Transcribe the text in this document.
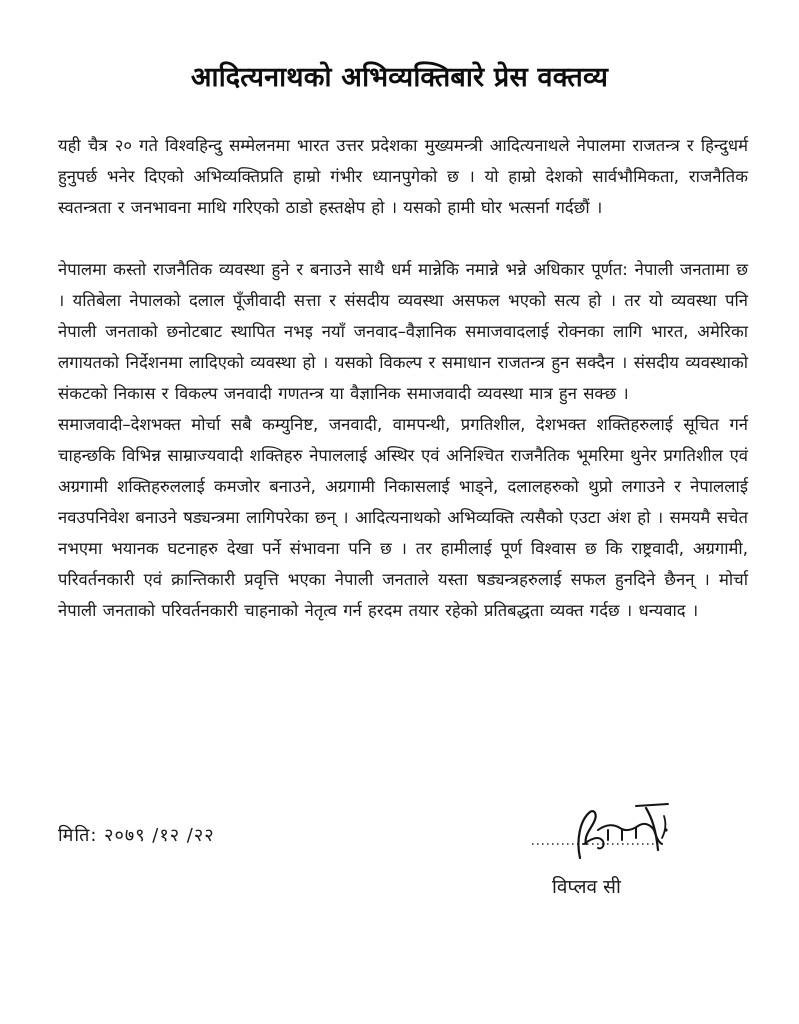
आदित्यनाथको अभिव्यक्तिबारे प्रेस वक्तव्य

यही चैत्र २० गते विश्वहिन्दु सम्मेलनमा भारत उत्तर प्रदेशका मुख्यमन्त्री आदित्यनाथले नेपालमा राजतन्त्र र हिन्दुधर्म हुनुपर्छ भनेर दिएको अभिव्यक्तिप्रति हाम्रो गंभीर ध्यानपुगेको छ । यो हाम्रो देशको सार्वभौमिकता, राजनैतिक स्वतन्त्रता र जनभावना माथि गरिएको ठाडो हस्तक्षेप हो । यसको हामी घोर भत्सर्ना गर्दछौं ।

नेपालमा कस्तो राजनैतिक व्यवस्था हुने र बनाउने साथै धर्म मान्नेकि नमान्ने भन्ने अधिकार पूर्णत: नेपाली जनतामा छ । यतिबेला नेपालको दलाल पूँजीवादी सत्ता र संसदीय व्यवस्था असफल भएको सत्य हो । तर यो व्यवस्था पनि नेपाली जनताको छनोटबाट स्थापित नभइ नयाँ जनवाद–वैज्ञानिक समाजवादलाई रोक्नका लागि भारत, अमेरिका लगायतको निर्देशनमा लादिएको व्यवस्था हो । यसको विकल्प र समाधान राजतन्त्र हुन सक्दैन । संसदीय व्यवस्थाको संकटको निकास र विकल्प जनवादी गणतन्त्र या वैज्ञानिक समाजवादी व्यवस्था मात्र हुन सक्छ ।

समाजवादी–देशभक्त मोर्चा सबै कम्युनिष्ट, जनवादी, वामपन्थी, प्रगतिशील, देशभक्त शक्तिहरुलाई सूचित गर्न चाहन्छकि विभिन्न साम्राज्यवादी शक्तिहरु नेपाललाई अस्थिर एवं अनिश्चित राजनैतिक भूमरिमा थुनेर प्रगतिशील एवं अग्रगामी शक्तिहरुललाई कमजोर बनाउने, अग्रगामी निकासलाई भाड्ने, दलालहरुको थुप्रो लगाउने र नेपाललाई नवउपनिवेश बनाउने षड्यन्त्रमा लागिपरेका छन् । आदित्यनाथको अभिव्यक्ति त्यसैको एउटा अंश हो । समयमै सचेत नभएमा भयानक घटनाहरु देखा पर्ने संभावना पनि छ । तर हामीलाई पूर्ण विश्वास छ कि राष्ट्रवादी, अग्रगामी, परिवर्तनकारी एवं क्रान्तिकारी प्रवृत्ति भएका नेपाली जनताले यस्ता षड्यन्त्रहरुलाई सफल हुनदिने छैनन् । मोर्चा नेपाली जनताको परिवर्तनकारी चाहनाको नेतृत्व गर्न हरदम तयार रहेको प्रतिबद्धता व्यक्त गर्दछ । धन्यवाद ।

मिति: २०७९ /१२ /२२
विप्लव सी
